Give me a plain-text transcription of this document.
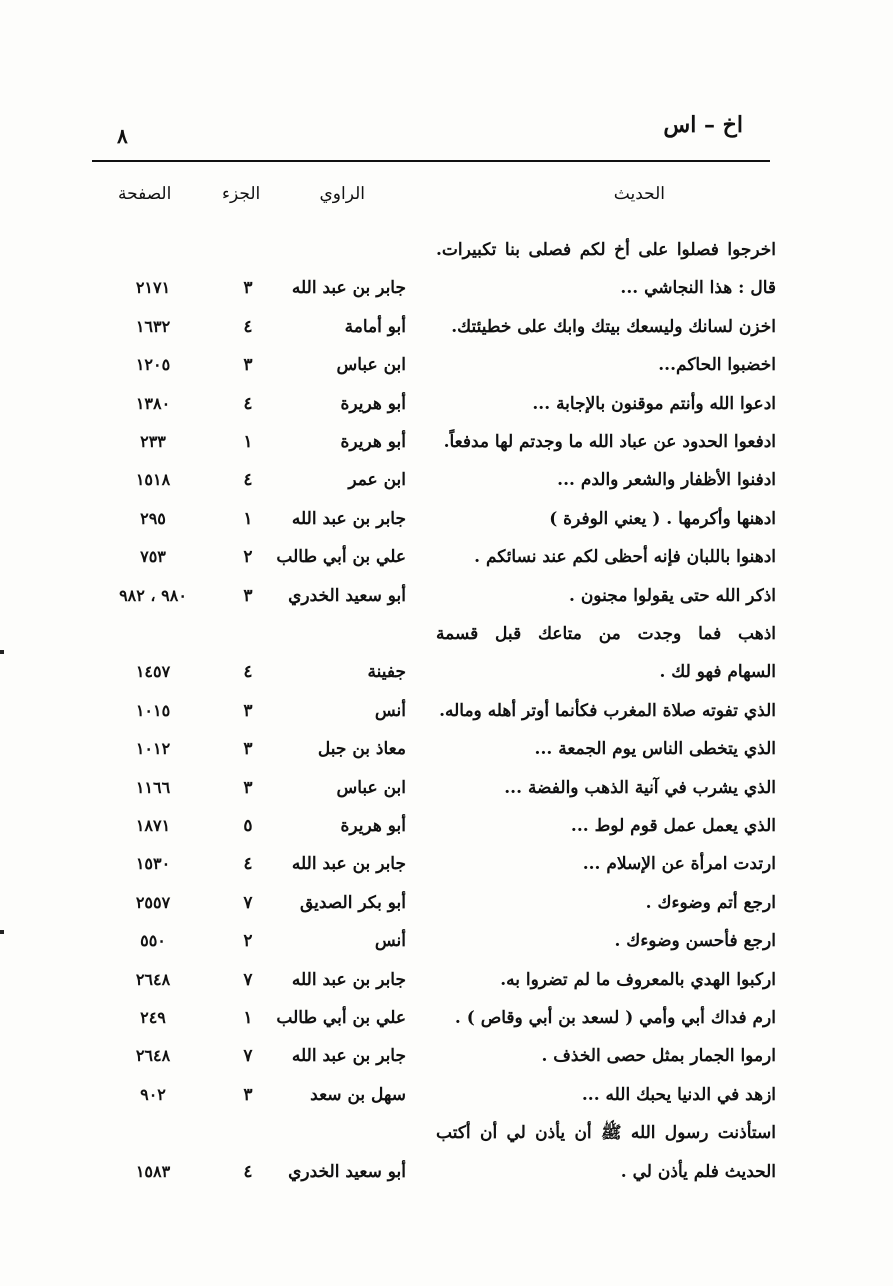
اخ – اس
٨
الحديث
الراوي
الجزء
الصفحة
اخرجوا فصلوا على أخ لكم فصلى بنا تكبيرات.
قال : هذا النجاشي ...
جابر بن عبد الله
٣
٢١٧١
اخزن لسانك وليسعك بيتك وابك على خطيئتك.
أبو أمامة
٤
١٦٣٢
اخضبوا الحاكم...
ابن عباس
٣
١٢٠٥
ادعوا الله وأنتم موقنون بالإجابة ...
أبو هريرة
٤
١٣٨٠
ادفعوا الحدود عن عباد الله ما وجدتم لها مدفعاً.
أبو هريرة
١
٢٣٣
ادفنوا الأظفار والشعر والدم ...
ابن عمر
٤
١٥١٨
ادهنها وأكرمها . ( يعني الوفرة )
جابر بن عبد الله
١
٢٩٥
ادهنوا باللبان فإنه أحظى لكم عند نسائكم .
علي بن أبي طالب
٢
٧٥٣
اذكر الله حتى يقولوا مجنون .
أبو سعيد الخدري
٣
٩٨٠ ، ٩٨٢
اذهب فما وجدت من متاعك قبل قسمة
السهام فهو لك .
جفينة
٤
١٤٥٧
الذي تفوته صلاة المغرب فكأنما أوتر أهله وماله.
أنس
٣
١٠١٥
الذي يتخطى الناس يوم الجمعة ...
معاذ بن جبل
٣
١٠١٢
الذي يشرب في آنية الذهب والفضة ...
ابن عباس
٣
١١٦٦
الذي يعمل عمل قوم لوط ...
أبو هريرة
٥
١٨٧١
ارتدت امرأة عن الإسلام ...
جابر بن عبد الله
٤
١٥٣٠
ارجع أتم وضوءك .
أبو بكر الصديق
٧
٢٥٥٧
ارجع فأحسن وضوءك .
أنس
٢
٥٥٠
اركبوا الهدي بالمعروف ما لم تضروا به.
جابر بن عبد الله
٧
٢٦٤٨
ارم فداك أبي وأمي ( لسعد بن أبي وقاص ) .
علي بن أبي طالب
١
٢٤٩
ارموا الجمار بمثل حصى الخذف .
جابر بن عبد الله
٧
٢٦٤٨
ازهد في الدنيا يحبك الله ...
سهل بن سعد
٣
٩٠٢
استأذنت رسول الله ﷺ أن يأذن لي أن أكتب
الحديث فلم يأذن لي .
أبو سعيد الخدري
٤
١٥٨٣
